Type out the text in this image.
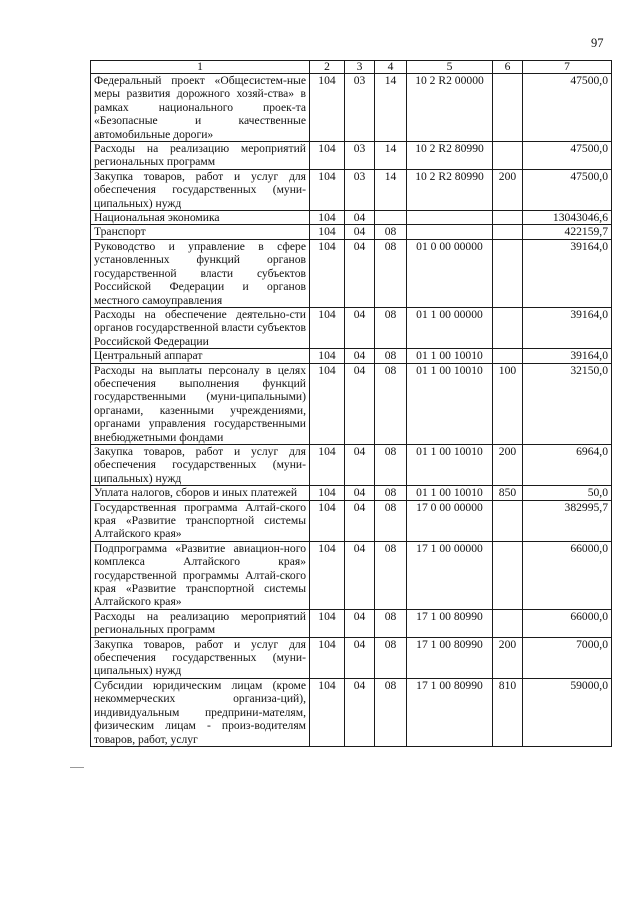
97
1	2	3	4	5	6	7
Федеральный проект «Общесистем-ные меры развития дорожного хозяй-ства» в рамках национального проек-та «Безопасные и качественные автомобильные дороги»	104	03	14	10 2 R2 00000		47500,0
Расходы на реализацию мероприятий региональных программ	104	03	14	10 2 R2 80990		47500,0
Закупка товаров, работ и услуг для обеспечения государственных (муни-ципальных) нужд	104	03	14	10 2 R2 80990	200	47500,0
Национальная экономика	104	04				13043046,6
Транспорт	104	04	08			422159,7
Руководство и управление в сфере установленных функций органов государственной власти субъектов Российской Федерации и органов местного самоуправления	104	04	08	01 0 00 00000		39164,0
Расходы на обеспечение деятельно-сти органов государственной власти субъектов Российской Федерации	104	04	08	01 1 00 00000		39164,0
Центральный аппарат	104	04	08	01 1 00 10010		39164,0
Расходы на выплаты персоналу в целях обеспечения выполнения функций государственными (муни-ципальными) органами, казенными учреждениями, органами управления государственными внебюджетными фондами	104	04	08	01 1 00 10010	100	32150,0
Закупка товаров, работ и услуг для обеспечения государственных (муни-ципальных) нужд	104	04	08	01 1 00 10010	200	6964,0
Уплата налогов, сборов и иных платежей	104	04	08	01 1 00 10010	850	50,0
Государственная программа Алтай-ского края «Развитие транспортной системы Алтайского края»	104	04	08	17 0 00 00000		382995,7
Подпрограмма «Развитие авиацион-ного комплекса Алтайского края» государственной программы Алтай-ского края «Развитие транспортной системы Алтайского края»	104	04	08	17 1 00 00000		66000,0
Расходы на реализацию мероприятий региональных программ	104	04	08	17 1 00 80990		66000,0
Закупка товаров, работ и услуг для обеспечения государственных (муни-ципальных) нужд	104	04	08	17 1 00 80990	200	7000,0
Субсидии юридическим лицам (кроме некоммерческих организа-ций), индивидуальным предприни-мателям, физическим лицам - произ-водителям товаров, работ, услуг	104	04	08	17 1 00 80990	810	59000,0
